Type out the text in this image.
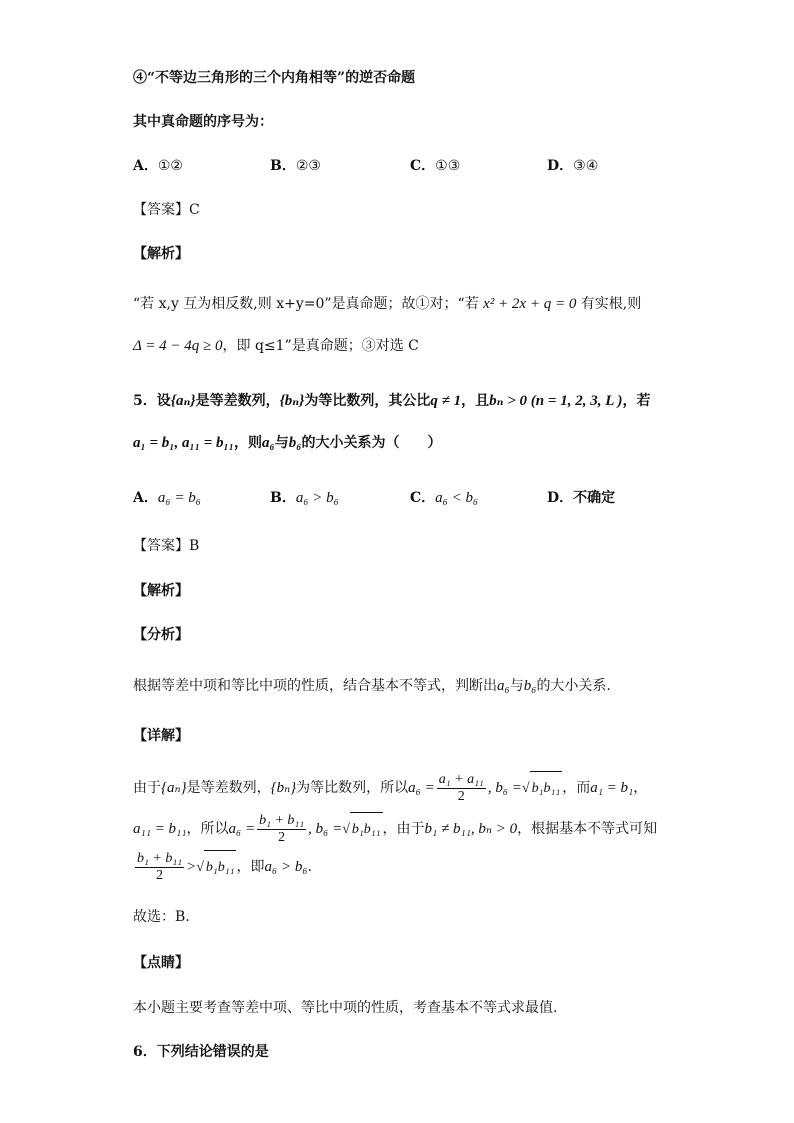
④“不等边三角形的三个内角相等”的逆否命题
其中真命题的序号为：
A．①②	B．②③	C．①③	D．③④
【答案】C
【解析】
“若 x,y 互为相反数,则 x+y=0”是真命题；故①对；“若 x² + 2x + q = 0 有实根,则
Δ = 4 − 4q ≥ 0，即 q≤1”是真命题；③对选 C
5．设{aₙ}是等差数列，{bₙ}为等比数列，其公比q ≠ 1，且bₙ > 0 (n = 1, 2, 3, L )，若
a₁ = b₁, a₁₁ = b₁₁，则a₆与b₆的大小关系为（　　）
A．a₆ = b₆	B．a₆ > b₆	C．a₆ < b₆	D．不确定
【答案】B
【解析】
【分析】
根据等差中项和等比中项的性质，结合基本不等式，判断出a₆与b₆的大小关系.
【详解】
由于{aₙ}是等差数列，{bₙ}为等比数列，所以$a_6 = \frac{\text{a₁ + a₁₁}}{2}$ , b₆ =√ b₁b₁₁ ，而a₁ = b₁，
a₁₁ = b₁₁，所以$a_6 = \frac{\text{b₁ + b₁₁}}{2}$ , b₆ =√ b₁b₁₁ ，由于b₁ ≠ b₁₁, bₙ > 0，根据基本不等式可知
$\frac{\text{b₁ + b₁₁}}{2}$ >√ b₁b₁₁ ，即a₆ > b₆.
故选：B.
【点睛】
本小题主要考查等差中项、等比中项的性质，考查基本不等式求最值.
6．下列结论错误的是
